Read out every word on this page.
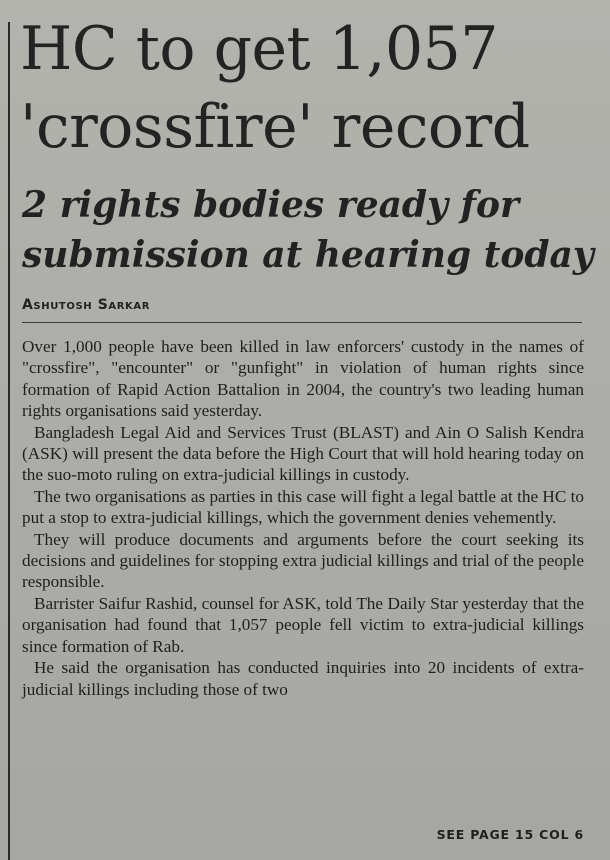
HC to get 1,057
'crossfire' record
2 rights bodies ready for
submission at hearing today
Ashutosh Sarkar

Over 1,000 people have been killed in law enforcers' custody in the names of "crossfire", "encounter" or "gunfight" in violation of human rights since formation of Rapid Action Battalion in 2004, the country's two leading human rights organisations said yesterday.

Bangladesh Legal Aid and Services Trust (BLAST) and Ain O Salish Kendra (ASK) will present the data before the High Court that will hold hearing today on the suo-moto ruling on extra-judicial killings in custody.

The two organisations as parties in this case will fight a legal battle at the HC to put a stop to extra-judicial killings, which the government denies vehemently.

They will produce documents and arguments before the court seeking its decisions and guidelines for stopping extra judicial killings and trial of the people responsible.

Barrister Saifur Rashid, counsel for ASK, told The Daily Star yesterday that the organisation had found that 1,057 people fell victim to extra-judicial killings since formation of Rab.

He said the organisation has conducted inquiries into 20 incidents of extra-judicial killings including those of two

SEE PAGE 15 COL 6
